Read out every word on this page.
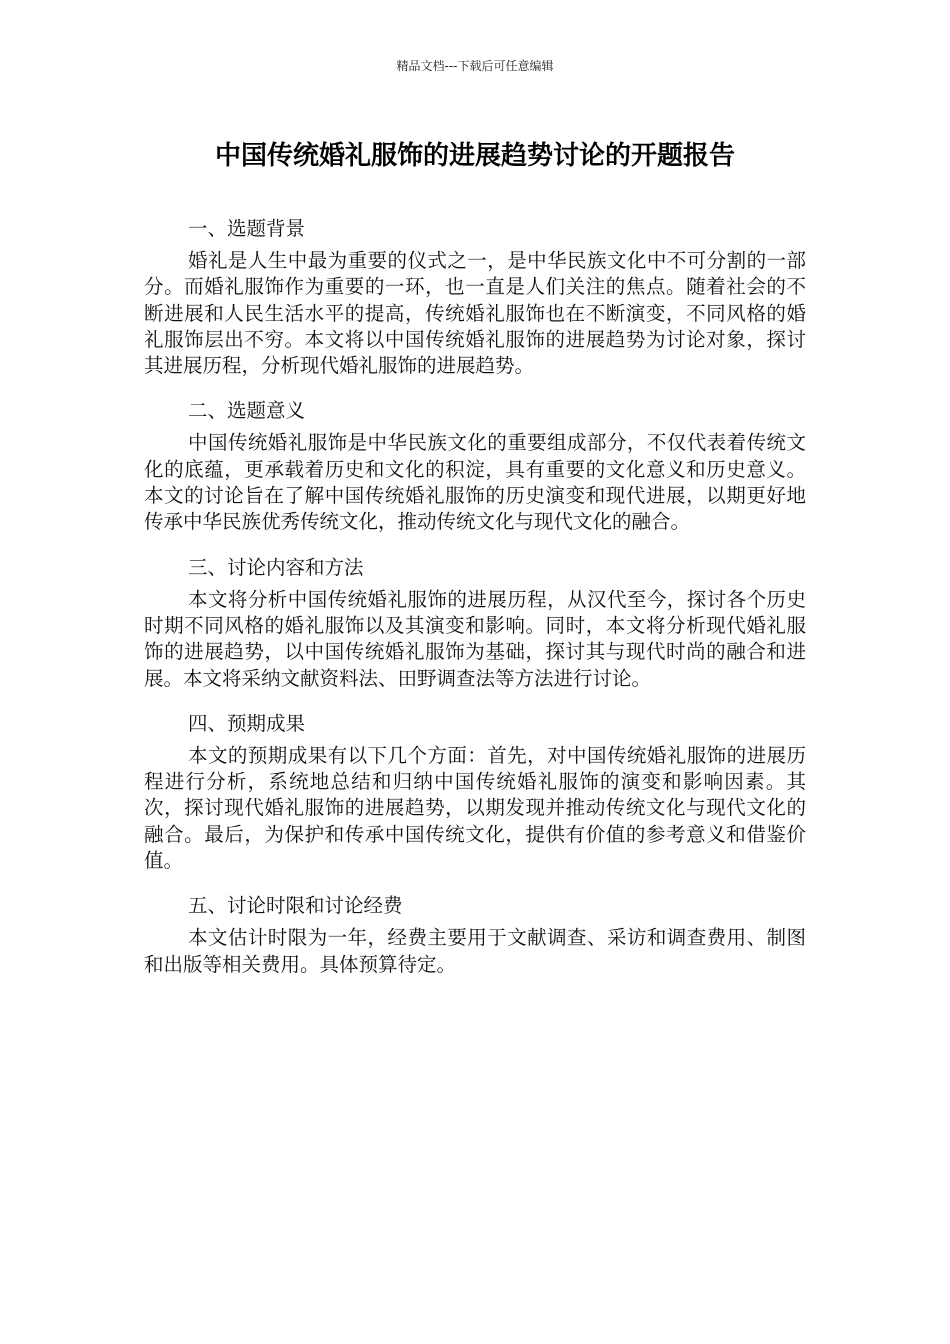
精品文档---下载后可任意编辑
中国传统婚礼服饰的进展趋势讨论的开题报告
一、选题背景

婚礼是人生中最为重要的仪式之一，是中华民族文化中不可分割的一部分。而婚礼服饰作为重要的一环，也一直是人们关注的焦点。随着社会的不断进展和人民生活水平的提高，传统婚礼服饰也在不断演变，不同风格的婚礼服饰层出不穷。本文将以中国传统婚礼服饰的进展趋势为讨论对象，探讨其进展历程，分析现代婚礼服饰的进展趋势。

二、选题意义

中国传统婚礼服饰是中华民族文化的重要组成部分，不仅代表着传统文化的底蕴，更承载着历史和文化的积淀，具有重要的文化意义和历史意义。本文的讨论旨在了解中国传统婚礼服饰的历史演变和现代进展，以期更好地传承中华民族优秀传统文化，推动传统文化与现代文化的融合。

三、讨论内容和方法

本文将分析中国传统婚礼服饰的进展历程，从汉代至今，探讨各个历史时期不同风格的婚礼服饰以及其演变和影响。同时，本文将分析现代婚礼服饰的进展趋势，以中国传统婚礼服饰为基础，探讨其与现代时尚的融合和进展。本文将采纳文献资料法、田野调查法等方法进行讨论。

四、预期成果

本文的预期成果有以下几个方面：首先，对中国传统婚礼服饰的进展历程进行分析，系统地总结和归纳中国传统婚礼服饰的演变和影响因素。其次，探讨现代婚礼服饰的进展趋势，以期发现并推动传统文化与现代文化的融合。最后，为保护和传承中国传统文化，提供有价值的参考意义和借鉴价值。

五、讨论时限和讨论经费

本文估计时限为一年，经费主要用于文献调查、采访和调查费用、制图和出版等相关费用。具体预算待定。
